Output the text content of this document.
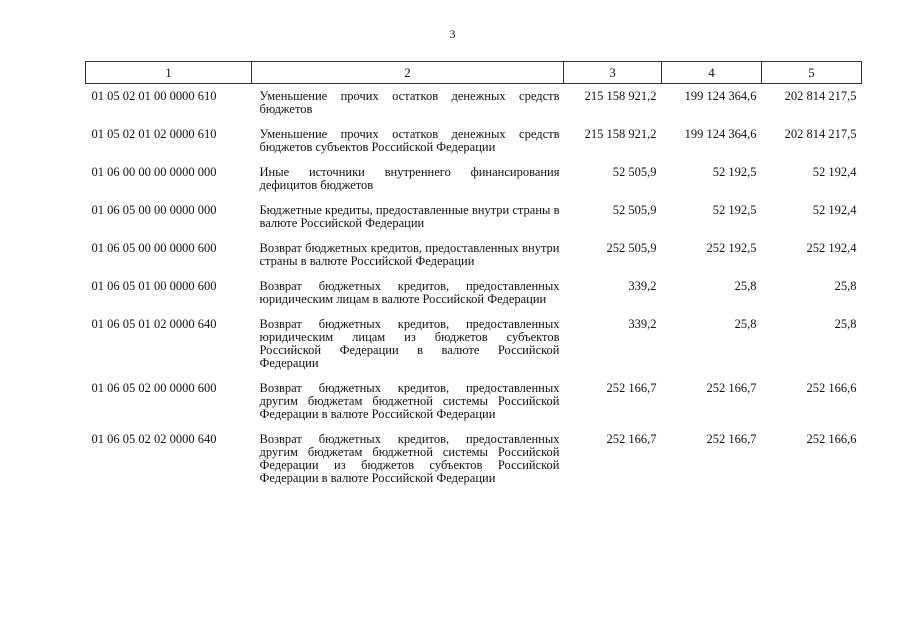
3
1	2	3	4	5
01 05 02 01 00 0000 610	Уменьшение прочих остатков денежных средств бюджетов	215 158 921,2	199 124 364,6	202 814 217,5
01 05 02 01 02 0000 610	Уменьшение прочих остатков денежных средств бюджетов субъектов Российской Федерации	215 158 921,2	199 124 364,6	202 814 217,5
01 06 00 00 00 0000 000	Иные источники внутреннего финансирования дефицитов бюджетов	52 505,9	52 192,5	52 192,4
01 06 05 00 00 0000 000	Бюджетные кредиты, предоставленные внутри страны в валюте Российской Федерации	52 505,9	52 192,5	52 192,4
01 06 05 00 00 0000 600	Возврат бюджетных кредитов, предоставленных внутри страны в валюте Российской Федерации	252 505,9	252 192,5	252 192,4
01 06 05 01 00 0000 600	Возврат бюджетных кредитов, предоставленных юридическим лицам в валюте Российской Федерации	339,2	25,8	25,8
01 06 05 01 02 0000 640	Возврат бюджетных кредитов, предоставленных юридическим лицам из бюджетов субъектов Российской Федерации в валюте Российской Федерации	339,2	25,8	25,8
01 06 05 02 00 0000 600	Возврат бюджетных кредитов, предоставленных другим бюджетам бюджетной системы Российской Федерации в валюте Российской Федерации	252 166,7	252 166,7	252 166,6
01 06 05 02 02 0000 640	Возврат бюджетных кредитов, предоставленных другим бюджетам бюджетной системы Российской Федерации из бюджетов субъектов Российской Федерации в валюте Российской Федерации	252 166,7	252 166,7	252 166,6
